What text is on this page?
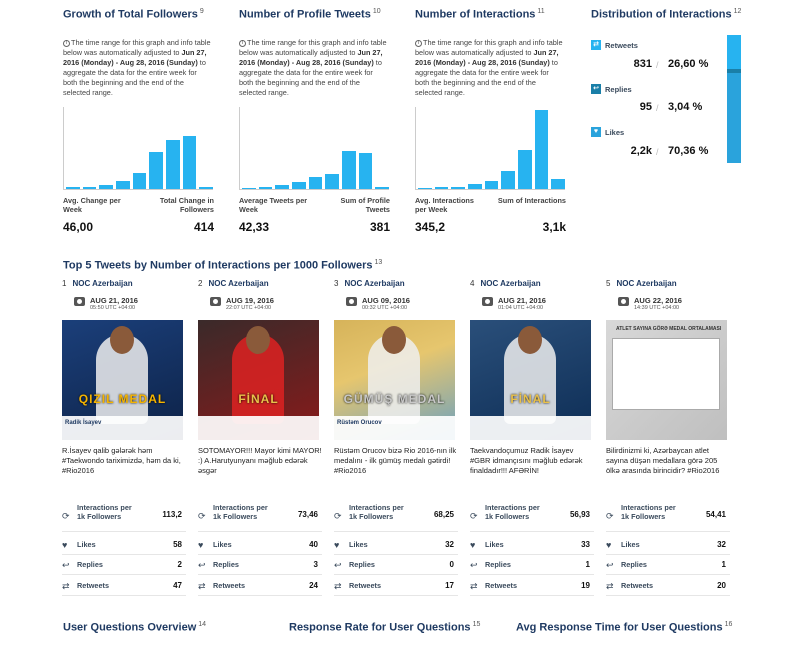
Growth of Total Followers $^9$	Number of Profile Tweets $^{10}$	Number of Interactions $^{11}$	Distribution of Interactions $^{12}$
i The time range for this graph and info table below was automatically adjusted to Jun 27, 2016 (Monday) - Aug 28, 2016 (Sunday) to aggregate the data for the entire week for both the beginning and the end of the selected range.
i The time range for this graph and info table below was automatically adjusted to Jun 27, 2016 (Monday) - Aug 28, 2016 (Sunday) to aggregate the data for the entire week for both the beginning and the end of the selected range.
i The time range for this graph and info table below was automatically adjusted to Jun 27, 2016 (Monday) - Aug 28, 2016 (Sunday) to aggregate the data for the entire week for both the beginning and the end of the selected range.
Avg. Change per Week
Total Change in Followers
46,00	414
Average Tweets per Week
Sum of Profile Tweets
42,33	381
Avg. Interactions per Week
Sum of Interactions
345,2	3,1k
⇄ Retweets
831 / 26,60 %
↩ Replies
95 / 3,04 %
♥ Likes
2,2k / 70,36 %
Top 5 Tweets by Number of Interactions per 1000 Followers $^{13}$
1 NOC Azerbaijan
AUG 21, 2016
05:50 UTC +04:00
QIZIL MEDAL
Radik İsayev
R.İsayev qalib gələrək həm #Taekwondo tariximizdə, həm da ki, #Rio2016
⟳
Interactions per 1k Followers	113,2
♥ Likes	58
↩ Replies	2
⇄ Retweets	47
2 NOC Azerbaijan
AUG 19, 2016
22:07 UTC +04:00
FİNAL
SOTOMAYOR!!! Mayor kimi MAYOR! :) A.Harutyunyanı məğlub edərək əsgər
⟳
Interactions per 1k Followers	73,46
♥ Likes	40
↩ Replies	3
⇄ Retweets	24
3 NOC Azerbaijan
AUG 09, 2016
00:32 UTC +04:00
GÜMÜŞ MEDAL
Rüstəm Orucov
Rüstəm Orucov bizə Rio 2016-nın ilk medalını - ilk gümüş medalı gətirdi! #Rio2016
⟳
Interactions per 1k Followers	68,25
♥ Likes	32
↩ Replies	0
⇄ Retweets	17
4 NOC Azerbaijan
AUG 21, 2016
01:04 UTC +04:00
FİNAL
Taekvandoçumuz Radik İsayev #GBR idmançısını məğlub edərək finaldadır!!! AFƏRİN!
⟳
Interactions per 1k Followers	56,93
♥ Likes	33
↩ Replies	1
⇄ Retweets	19
5 NOC Azerbaijan
AUG 22, 2016
14:39 UTC +04:00
ATLET SAYINA GÖRƏ MEDAL ORTALAMASI
Bilirdinizmi ki, Azərbaycan atlet sayına düşən medallara görə 205 ölkə arasında birincidir? #Rio2016
⟳
Interactions per 1k Followers	54,41
♥ Likes	32
↩ Replies	1
⇄ Retweets	20
User Questions Overview $^{14}$	Response Rate for User Questions $^{15}$	Avg Response Time for User Questions $^{16}$
